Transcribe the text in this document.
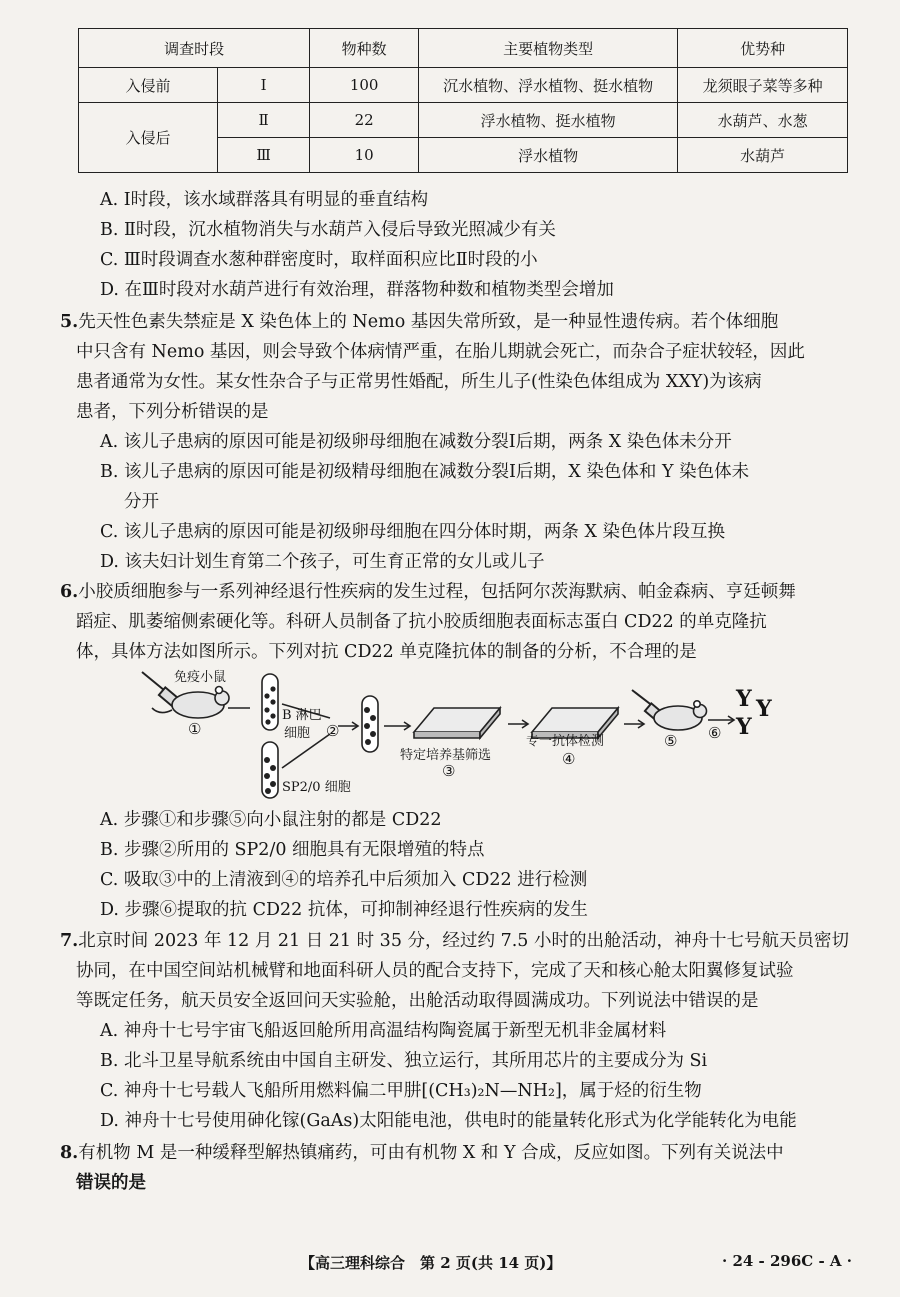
调查时段		物种数	主要植物类型	优势种
入侵前	Ⅰ	100	沉水植物、浮水植物、挺水植物	龙须眼子菜等多种
入侵后	Ⅱ	22	浮水植物、挺水植物	水葫芦、水葱
	Ⅲ	10	浮水植物	水葫芦
A. Ⅰ时段，该水域群落具有明显的垂直结构
B. Ⅱ时段，沉水植物消失与水葫芦入侵后导致光照减少有关
C. Ⅲ时段调查水葱种群密度时，取样面积应比Ⅱ时段的小
D. 在Ⅲ时段对水葫芦进行有效治理，群落物种数和植物类型会增加
5.先天性色素失禁症是 X 染色体上的 Nemo 基因失常所致，是一种显性遗传病。若个体细胞
中只含有 Nemo 基因，则会导致个体病情严重，在胎儿期就会死亡，而杂合子症状较轻，因此
患者通常为女性。某女性杂合子与正常男性婚配，所生儿子(性染色体组成为 XXY)为该病
患者，下列分析错误的是
A. 该儿子患病的原因可能是初级卵母细胞在减数分裂Ⅰ后期，两条 X 染色体未分开
B. 该儿子患病的原因可能是初级精母细胞在减数分裂Ⅰ后期，X 染色体和 Y 染色体未
分开
C. 该儿子患病的原因可能是初级卵母细胞在四分体时期，两条 X 染色体片段互换
D. 该夫妇计划生育第二个孩子，可生育正常的女儿或儿子
6.小胶质细胞参与一系列神经退行性疾病的发生过程，包括阿尔茨海默病、帕金森病、亨廷顿舞
蹈症、肌萎缩侧索硬化等。科研人员制备了抗小胶质细胞表面标志蛋白 CD22 的单克隆抗
体，具体方法如图所示。下列对抗 CD22 单克隆抗体的制备的分析，不合理的是
免疫小鼠
①
B 淋巴
细胞
SP2/0 细胞
②
特定培养基筛选
③
专一抗体检测
④
⑤ ⑥
Y Y
Y
A. 步骤①和步骤⑤向小鼠注射的都是 CD22
B. 步骤②所用的 SP2/0 细胞具有无限增殖的特点
C. 吸取③中的上清液到④的培养孔中后须加入 CD22 进行检测
D. 步骤⑥提取的抗 CD22 抗体，可抑制神经退行性疾病的发生
7.北京时间 2023 年 12 月 21 日 21 时 35 分，经过约 7.5 小时的出舱活动，神舟十七号航天员密切
协同，在中国空间站机械臂和地面科研人员的配合支持下，完成了天和核心舱太阳翼修复试验
等既定任务，航天员安全返回问天实验舱，出舱活动取得圆满成功。下列说法中错误的是
A. 神舟十七号宇宙飞船返回舱所用高温结构陶瓷属于新型无机非金属材料
B. 北斗卫星导航系统由中国自主研发、独立运行，其所用芯片的主要成分为 Si
C. 神舟十七号载人飞船所用燃料偏二甲肼[(CH₃)₂N—NH₂]，属于烃的衍生物
D. 神舟十七号使用砷化镓(GaAs)太阳能电池，供电时的能量转化形式为化学能转化为电能
8.有机物 M 是一种缓释型解热镇痛药，可由有机物 X 和 Y 合成，反应如图。下列有关说法中
错误的是
【高三理科综合　第 2 页(共 14 页)】	· 24 - 296C - A ·
